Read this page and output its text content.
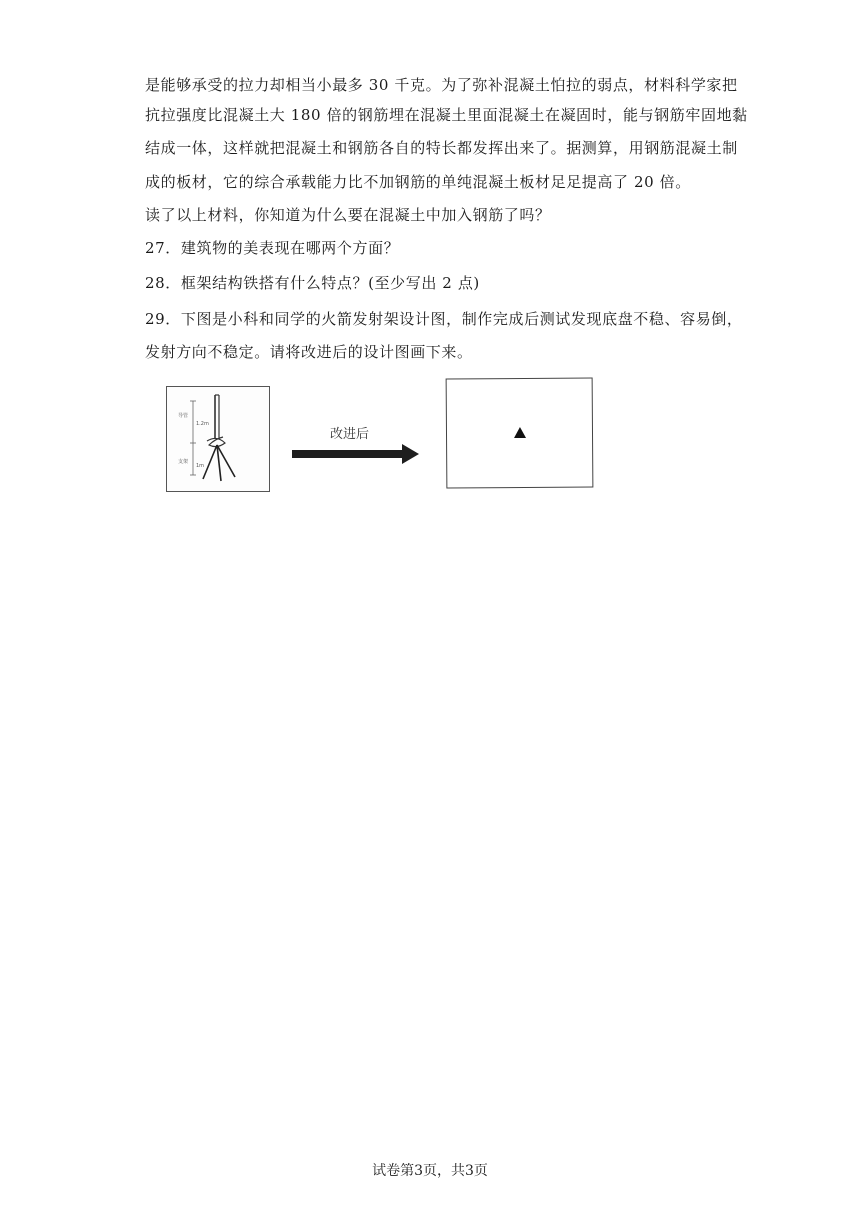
是能够承受的拉力却相当小最多 30 千克。为了弥补混凝土怕拉的弱点，材料科学家把
抗拉强度比混凝土大 180 倍的钢筋埋在混凝土里面混凝土在凝固时，能与钢筋牢固地黏
结成一体，这样就把混凝土和钢筋各自的特长都发挥出来了。据测算，用钢筋混凝土制
成的板材，它的综合承载能力比不加钢筋的单纯混凝土板材足足提高了 20 倍。
读了以上材料，你知道为什么要在混凝土中加入钢筋了吗？
27．建筑物的美表现在哪两个方面？
28．框架结构铁搭有什么特点？(至少写出 2 点)
29．下图是小科和同学的火箭发射架设计图，制作完成后测试发现底盘不稳、容易倒，
发射方向不稳定。请将改进后的设计图画下来。
导管
1.2m
支架
1m
改进后
试卷第3页，共3页
